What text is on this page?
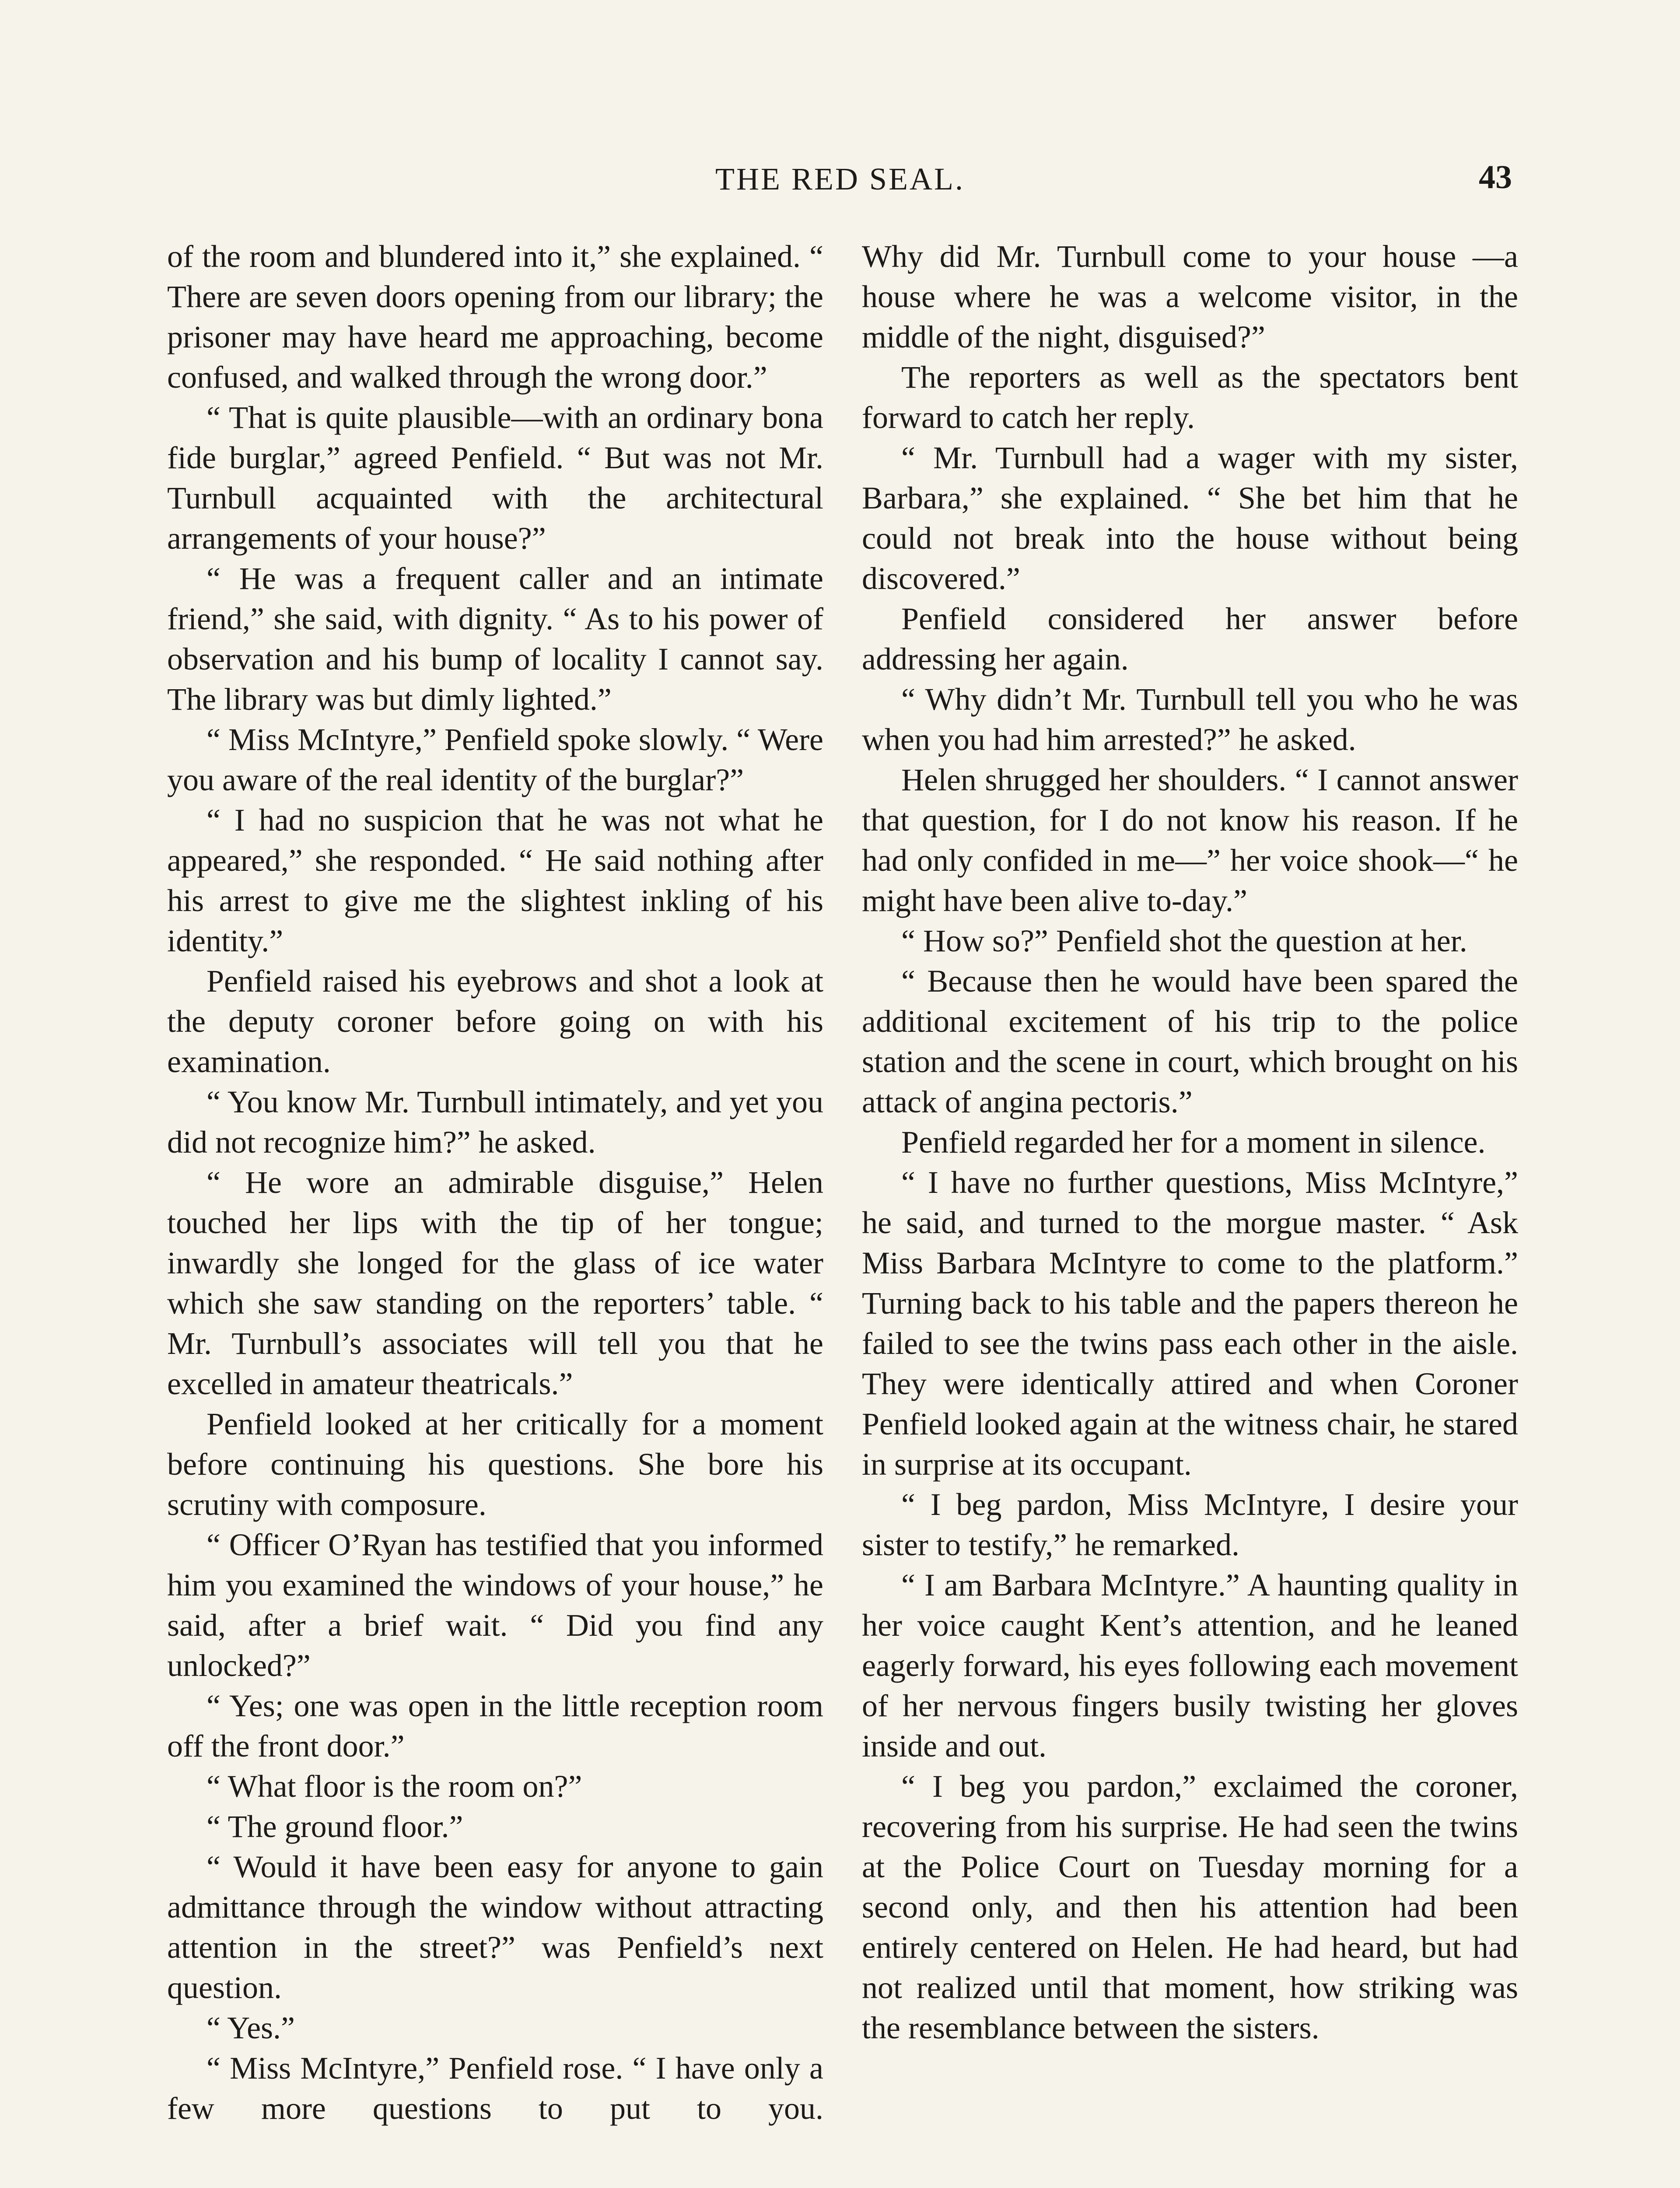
THE RED SEAL.	43

of the room and blundered into it,” she explained. “ There are seven doors opening from our library; the prisoner may have heard me approaching, become confused, and walked through the wrong door.”

“ That is quite plausible—with an ordinary bona fide burglar,” agreed Penfield. “ But was not Mr. Turnbull acquainted with the architectural arrangements of your house?”

“ He was a frequent caller and an intimate friend,” she said, with dignity. “ As to his power of observation and his bump of locality I cannot say. The library was but dimly lighted.”

“ Miss McIntyre,” Penfield spoke slowly. “ Were you aware of the real identity of the burglar?”

“ I had no suspicion that he was not what he appeared,” she responded. “ He said nothing after his arrest to give me the slightest inkling of his identity.”

Penfield raised his eyebrows and shot a look at the deputy coroner before going on with his examination.

“ You know Mr. Turnbull intimately, and yet you did not recognize him?” he asked.

“ He wore an admirable disguise,” Helen touched her lips with the tip of her tongue; inwardly she longed for the glass of ice water which she saw standing on the reporters’ table. “ Mr. Turnbull’s associates will tell you that he excelled in amateur theatricals.”

Penfield looked at her critically for a moment before continuing his questions. She bore his scrutiny with composure.

“ Officer O’Ryan has testified that you informed him you examined the windows of your house,” he said, after a brief wait. “ Did you find any unlocked?”

“ Yes; one was open in the little reception room off the front door.”

“ What floor is the room on?”

“ The ground floor.”

“ Would it have been easy for anyone to gain admittance through the window without attracting attention in the street?” was Penfield’s next question.

“ Yes.”

“ Miss McIntyre,” Penfield rose. “ I have only a few more questions to put to you.

Why did Mr. Turnbull come to your house —a house where he was a welcome visitor, in the middle of the night, disguised?”

The reporters as well as the spectators bent forward to catch her reply.

“ Mr. Turnbull had a wager with my sister, Barbara,” she explained. “ She bet him that he could not break into the house without being discovered.”

Penfield considered her answer before addressing her again.

“ Why didn’t Mr. Turnbull tell you who he was when you had him arrested?” he asked.

Helen shrugged her shoulders. “ I cannot answer that question, for I do not know his reason. If he had only confided in me—” her voice shook—“ he might have been alive to-day.”

“ How so?” Penfield shot the question at her.

“ Because then he would have been spared the additional excitement of his trip to the police station and the scene in court, which brought on his attack of angina pectoris.”

Penfield regarded her for a moment in silence.

“ I have no further questions, Miss McIntyre,” he said, and turned to the morgue master. “ Ask Miss Barbara McIntyre to come to the platform.” Turning back to his table and the papers thereon he failed to see the twins pass each other in the aisle. They were identically attired and when Coroner Penfield looked again at the witness chair, he stared in surprise at its occupant.

“ I beg pardon, Miss McIntyre, I desire your sister to testify,” he remarked.

“ I am Barbara McIntyre.” A haunting quality in her voice caught Kent’s attention, and he leaned eagerly forward, his eyes following each movement of her nervous fingers busily twisting her gloves inside and out.

“ I beg you pardon,” exclaimed the coroner, recovering from his surprise. He had seen the twins at the Police Court on Tuesday morning for a second only, and then his attention had been entirely centered on Helen. He had heard, but had not realized until that moment, how striking was the resemblance between the sisters.
